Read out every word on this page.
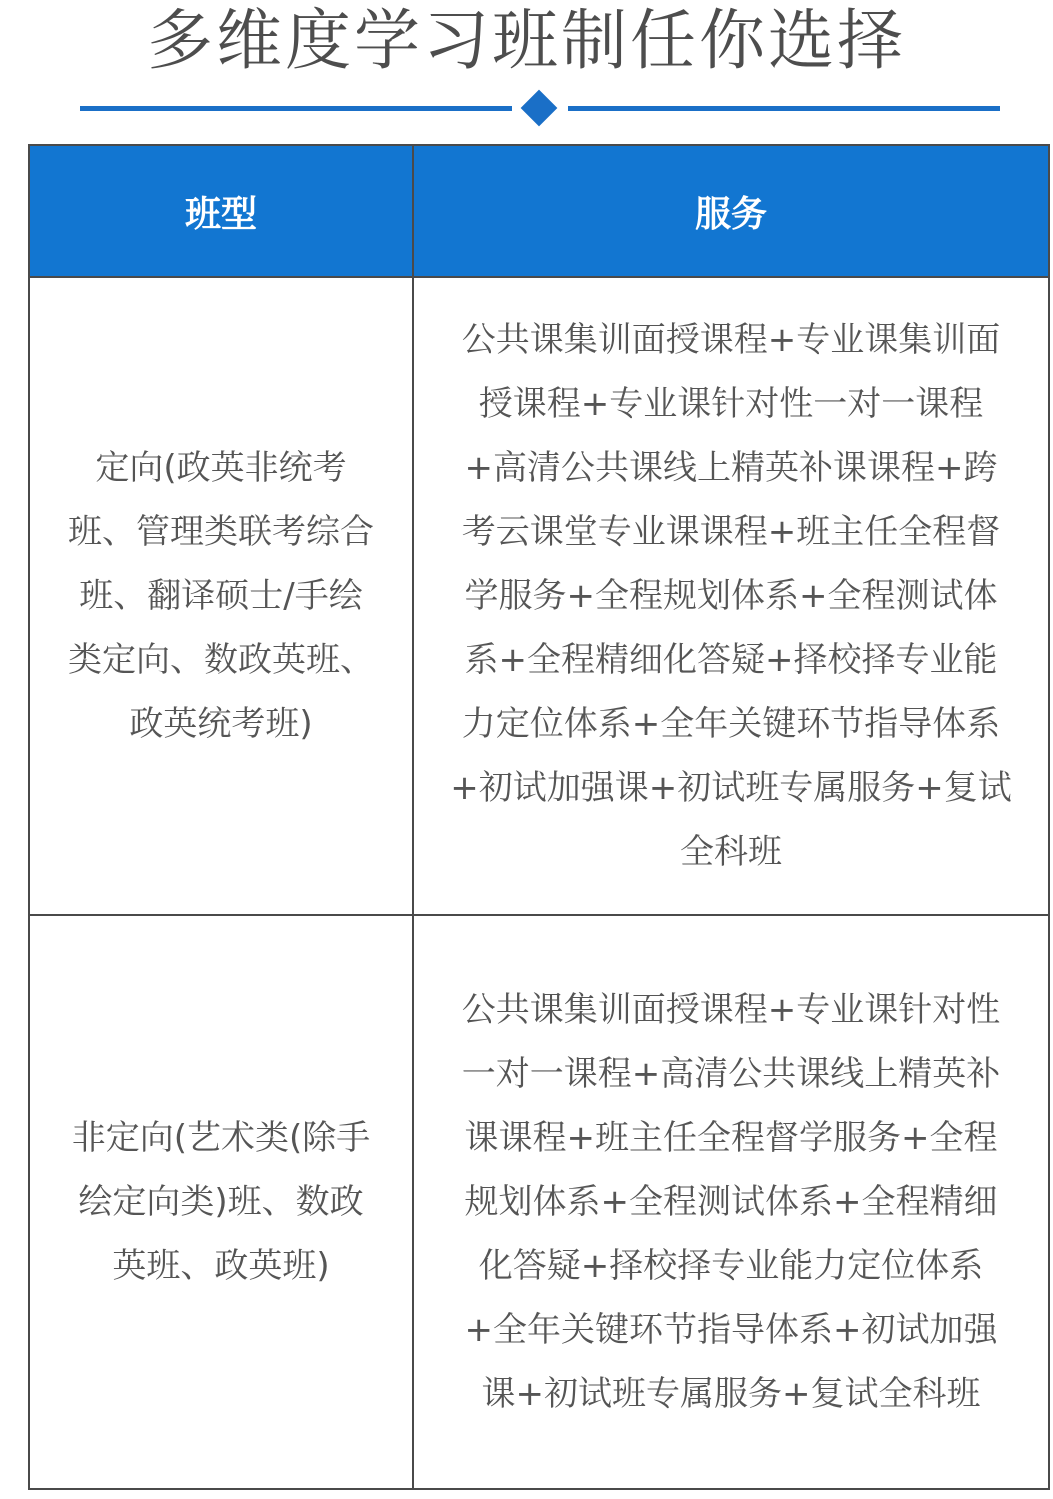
多维度学习班制任你选择
班型	服务
定向(政英非统考班、管理类联考综合班、翻译硕士/手绘类定向、数政英班、政英统考班)
公共课集训面授课程+专业课集训面授课程+专业课针对性一对一课程+高清公共课线上精英补课课程+跨考云课堂专业课课程+班主任全程督学服务+全程规划体系+全程测试体系+全程精细化答疑+择校择专业能力定位体系+全年关键环节指导体系+初试加强课+初试班专属服务+复试全科班
非定向(艺术类(除手绘定向类)班、数政英班、政英班)
公共课集训面授课程+专业课针对性一对一课程+高清公共课线上精英补课课程+班主任全程督学服务+全程规划体系+全程测试体系+全程精细化答疑+择校择专业能力定位体系+全年关键环节指导体系+初试加强课+初试班专属服务+复试全科班
